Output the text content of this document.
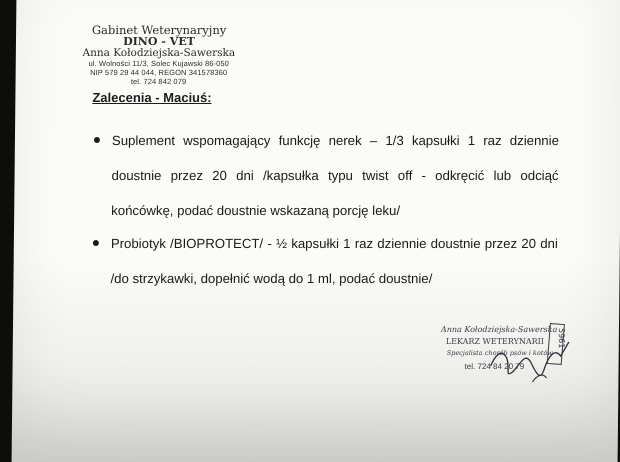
Gabinet Weterynaryjny
DINO - VET
Anna Kołodziejska-Sawerska
ul. Wolności 11/3, Solec Kujawski 86-050
NIP 579 29 44 044, REGON 341578360
tel. 724 842 079
Zalecenia - Maciuś:
Suplement wspomagający funkcję nerek – 1/3 kapsułki 1 raz dziennie doustnie przez 20 dni /kapsułka typu twist off - odkręcić lub odciąć końcówkę, podać doustnie wskazaną porcję leku/
Probiotyk /BIOPROTECT/ - ½ kapsułki 1 raz dziennie doustnie przez 20 dni /do strzykawki, dopełnić wodą do 1 ml, podać doustnie/
Anna Kołodziejska-Sawerska
LEKARZ WETERYNARII
Specjalista chorób psów i kotów
tel. 724 84 20 79
5961
